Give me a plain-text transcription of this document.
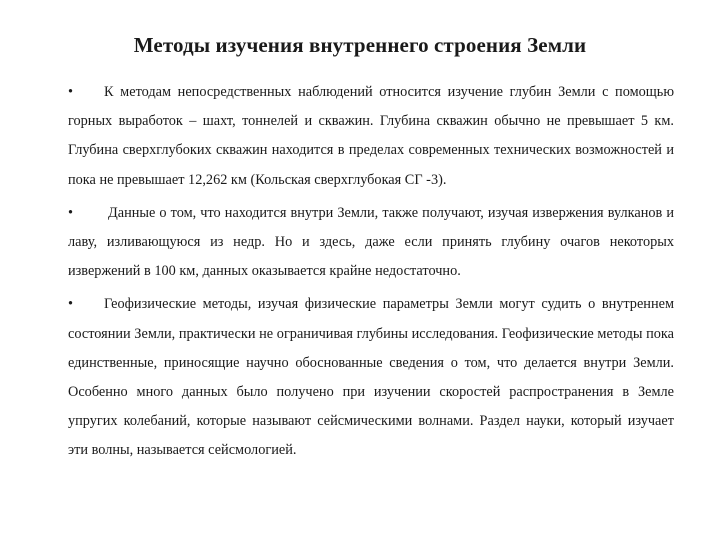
Методы изучения внутреннего строения Земли

• К методам непосредственных наблюдений относится изучение глубин Земли с помощью горных выработок – шахт, тоннелей и скважин. Глубина скважин обычно не превышает 5 км. Глубина сверхглубоких скважин находится в пределах современных технических возможностей и пока не превышает 12,262 км (Кольская сверхглубокая СГ -3).

• Данные о том, что находится внутри Земли, также получают, изучая извержения вулканов и лаву, изливающуюся из недр. Но и здесь, даже если принять глубину очагов некоторых извержений в 100 км, данных оказывается крайне недостаточно.

• Геофизические методы, изучая физические параметры Земли могут судить о внутреннем состоянии Земли, практически не ограничивая глубины исследования. Геофизические методы пока единственные, приносящие научно обоснованные сведения о том, что делается внутри Земли. Особенно много данных было получено при изучении скоростей распространения в Земле упругих колебаний, которые называют сейсмическими волнами. Раздел науки, который изучает эти волны, называется сейсмологией.
